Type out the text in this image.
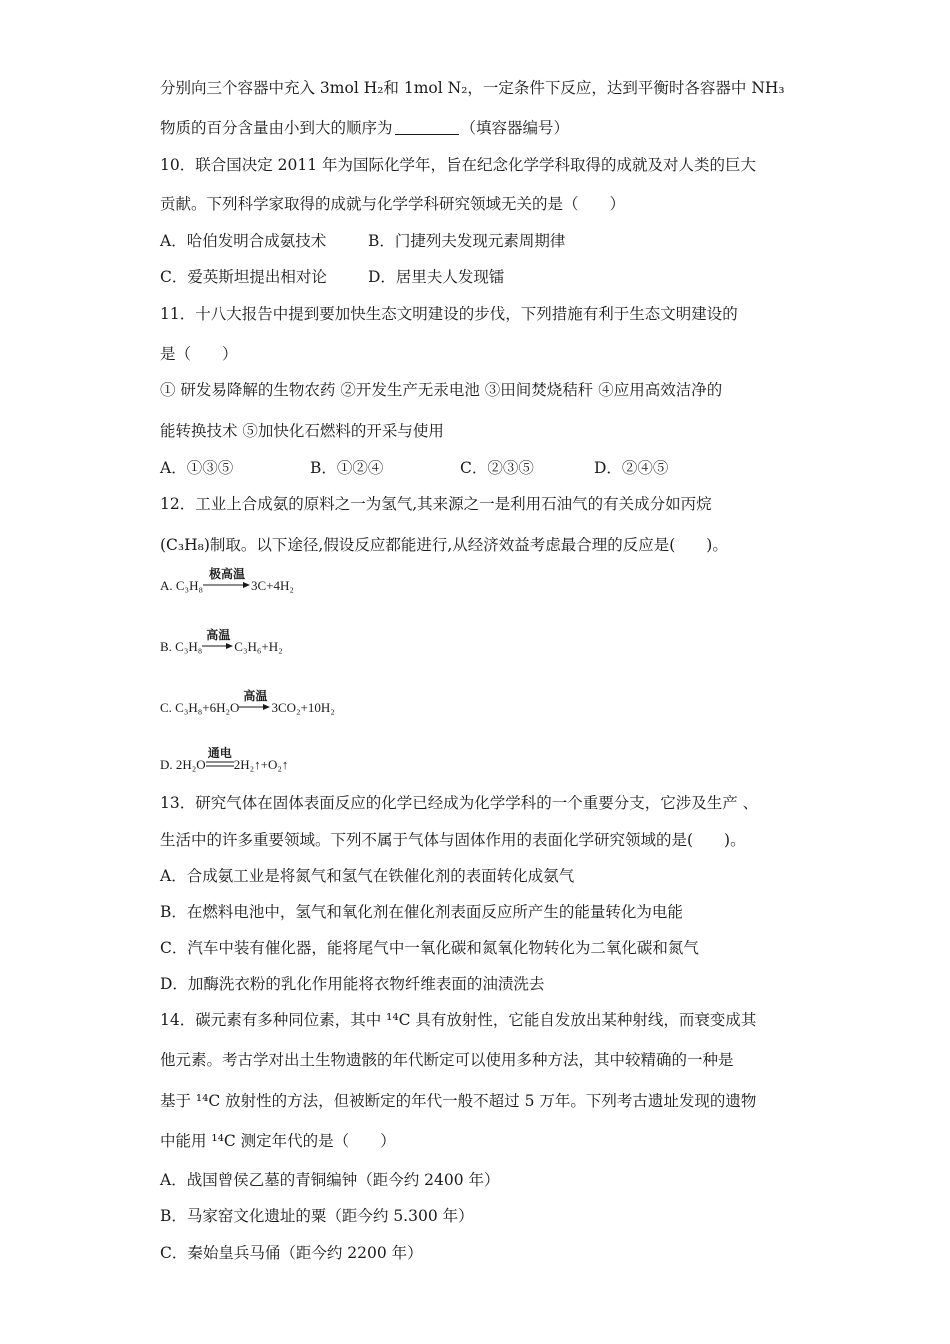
分别向三个容器中充入 3mol H₂和 1mol N₂，一定条件下反应，达到平衡时各容器中 NH₃
物质的百分含量由小到大的顺序为	（填容器编号）
10．联合国决定 2011 年为国际化学年，旨在纪念化学学科取得的成就及对人类的巨大
贡献。下列科学家取得的成就与化学学科研究领域无关的是（　　）
A．哈伯发明合成氨技术	B．门捷列夫发现元素周期律
C．爱英斯坦提出相对论	D．居里夫人发现镭
11．十八大报告中提到要加快生态文明建设的步伐，下列措施有利于生态文明建设的
是（　　）
① 研发易降解的生物农药 ②开发生产无汞电池 ③田间焚烧秸秆 ④应用高效洁净的
能转换技术 ⑤加快化石燃料的开采与使用
A．①③⑤	B．①②④	C．②③⑤	D．②④⑤
12．工业上合成氨的原料之一为氢气,其来源之一是利用石油气的有关成分如丙烷
(C₃H₈)制取。以下途径,假设反应都能进行,从经济效益考虑最合理的反应是(　　)。
A. C₃H₈
极高温
3C+4H₂
B. C₃H₈
高温
C₃H₆+H₂
C. C₃H₈+6H₂O
高温
3CO₂+10H₂
D. 2H₂O
通电
2H₂↑+O₂↑
13．研究气体在固体表面反应的化学已经成为化学学科的一个重要分支，它涉及生产 、
生活中的许多重要领域。下列不属于气体与固体作用的表面化学研究领域的是(　　)。
A．合成氨工业是将氮气和氢气在铁催化剂的表面转化成氨气
B．在燃料电池中，氢气和氧化剂在催化剂表面反应所产生的能量转化为电能
C．汽车中装有催化器，能将尾气中一氧化碳和氮氧化物转化为二氧化碳和氮气
D．加酶洗衣粉的乳化作用能将衣物纤维表面的油渍洗去
14．碳元素有多种同位素，其中 ¹⁴C 具有放射性，它能自发放出某种射线，而衰变成其
他元素。考古学对出土生物遗骸的年代断定可以使用多种方法，其中较精确的一种是
基于 ¹⁴C 放射性的方法，但被断定的年代一般不超过 5 万年。下列考古遗址发现的遗物
中能用 ¹⁴C 测定年代的是（　　）
A．战国曾侯乙墓的青铜编钟（距今约 2400 年）
B．马家窑文化遗址的粟（距今约 5.300 年）
C．秦始皇兵马俑（距今约 2200 年）
